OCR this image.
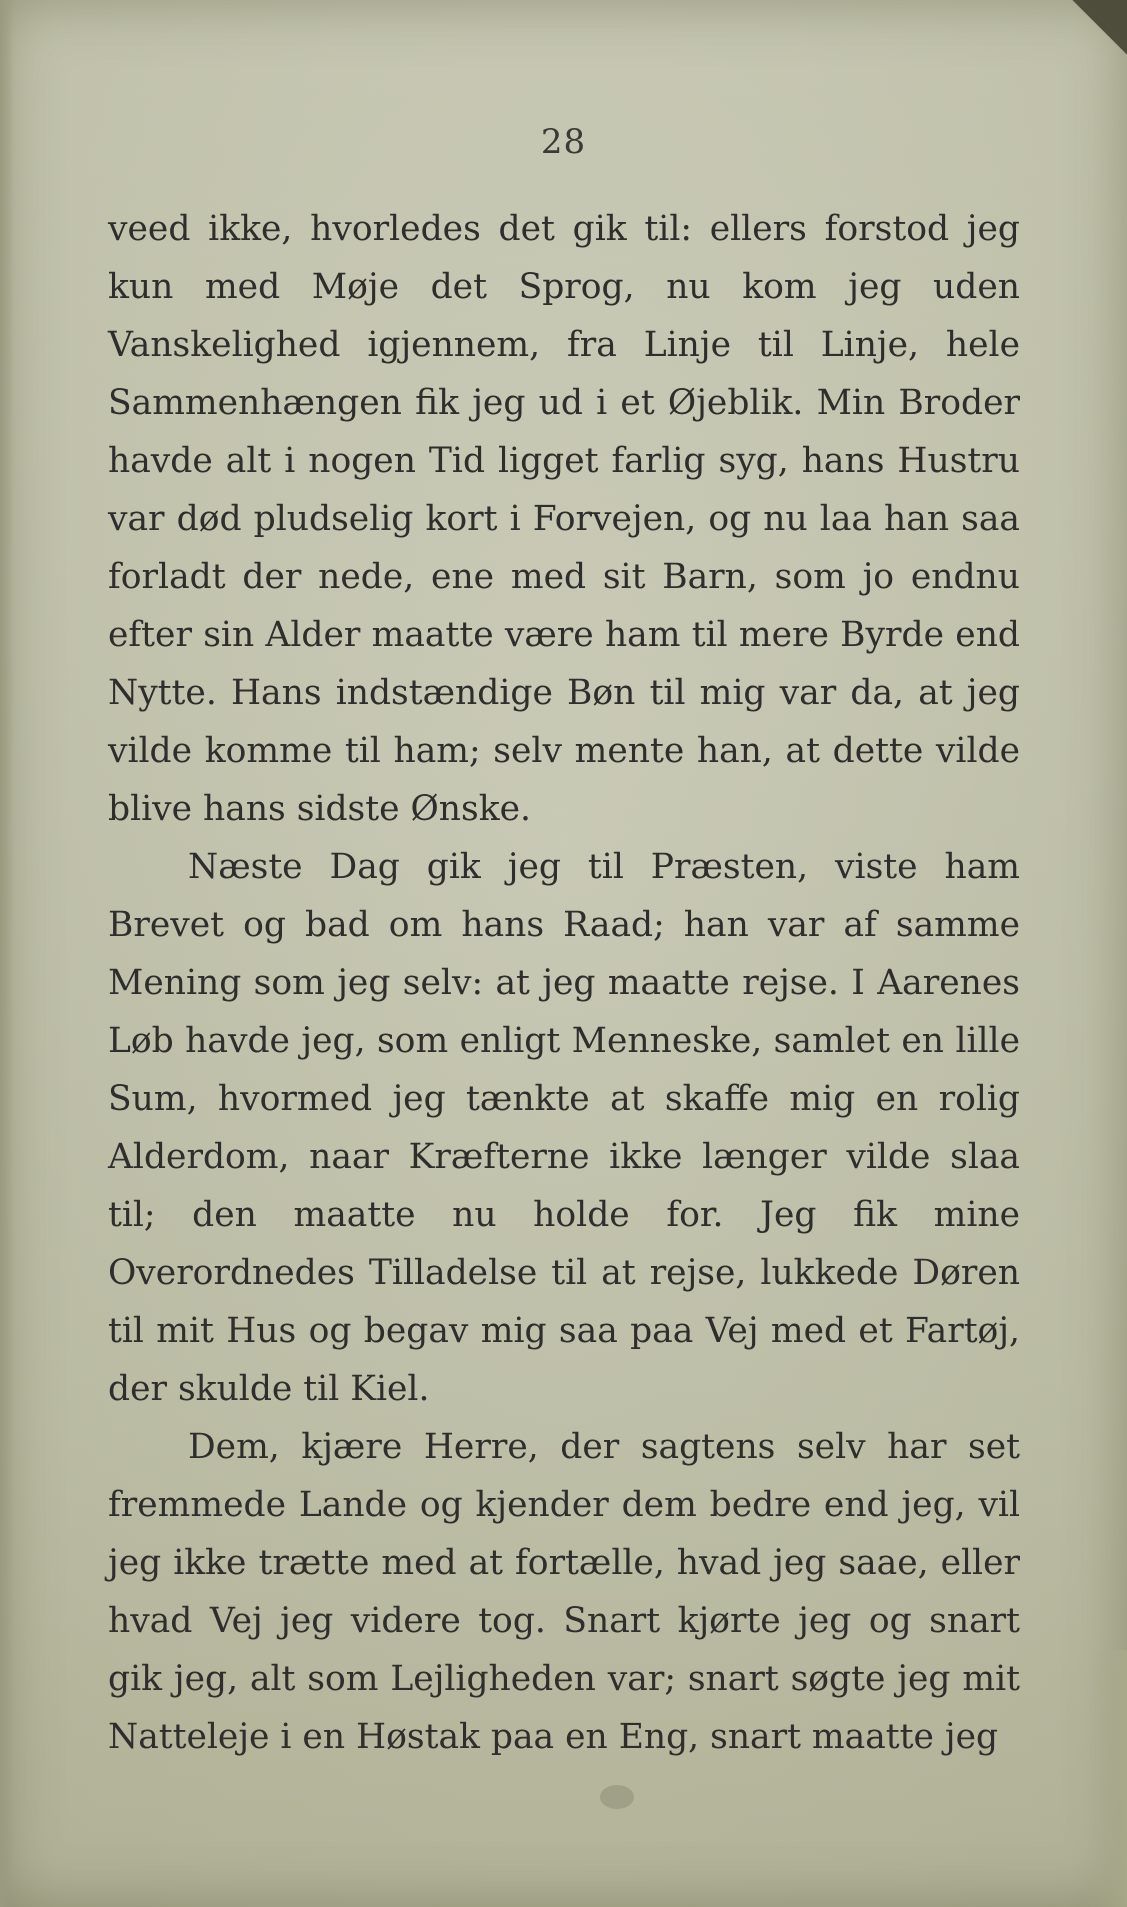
28

veed ikke, hvorledes det gik til: ellers forstod jeg kun med Møje det Sprog, nu kom jeg uden Vanskelighed igjennem, fra Linje til Linje, hele Sammenhængen fik jeg ud i et Øjeblik. Min Broder havde alt i nogen Tid ligget farlig syg, hans Hustru var død pludselig kort i Forvejen, og nu laa han saa forladt der nede, ene med sit Barn, som jo endnu efter sin Alder maatte være ham til mere Byrde end Nytte. Hans indstændige Bøn til mig var da, at jeg vilde komme til ham; selv mente han, at dette vilde blive hans sidste Ønske.

Næste Dag gik jeg til Præsten, viste ham Brevet og bad om hans Raad; han var af samme Mening som jeg selv: at jeg maatte rejse. I Aarenes Løb havde jeg, som enligt Menneske, samlet en lille Sum, hvormed jeg tænkte at skaffe mig en rolig Alderdom, naar Kræfterne ikke længer vilde slaa til; den maatte nu holde for. Jeg fik mine Overordnedes Tilladelse til at rejse, lukkede Døren til mit Hus og begav mig saa paa Vej med et Fartøj, der skulde til Kiel.

Dem, kjære Herre, der sagtens selv har set fremmede Lande og kjender dem bedre end jeg, vil jeg ikke trætte med at fortælle, hvad jeg saae, eller hvad Vej jeg videre tog. Snart kjørte jeg og snart gik jeg, alt som Lejligheden var; snart søgte jeg mit Natteleje i en Høstak paa en Eng, snart maatte jeg
